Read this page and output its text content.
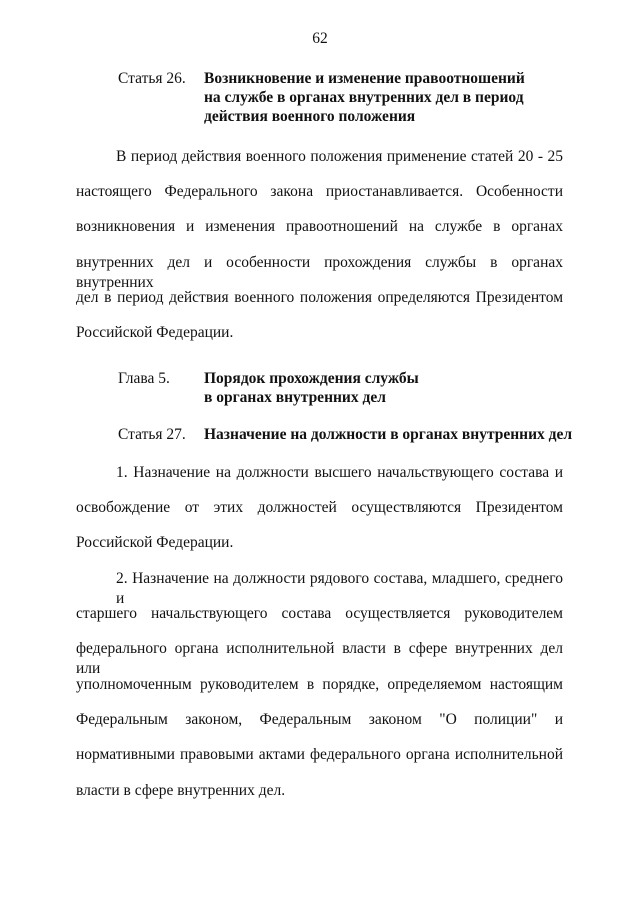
62
Статья 26. Возникновение и изменение правоотношений
на службе в органах внутренних дел в период
действия военного положения
В период действия военного положения применение статей 20 - 25
настоящего Федерального закона приостанавливается. Особенности
возникновения и изменения правоотношений на службе в органах
внутренних дел и особенности прохождения службы в органах внутренних
дел в период действия военного положения определяются Президентом
Российской Федерации.
Глава 5. Порядок прохождения службы
в органах внутренних дел
Статья 27. Назначение на должности в органах внутренних дел
1. Назначение на должности высшего начальствующего состава и
освобождение от этих должностей осуществляются Президентом
Российской Федерации.
2. Назначение на должности рядового состава, младшего, среднего и
старшего начальствующего состава осуществляется руководителем
федерального органа исполнительной власти в сфере внутренних дел или
уполномоченным руководителем в порядке, определяемом настоящим
Федеральным законом, Федеральным законом "О полиции" и
нормативными правовыми актами федерального органа исполнительной
власти в сфере внутренних дел.
